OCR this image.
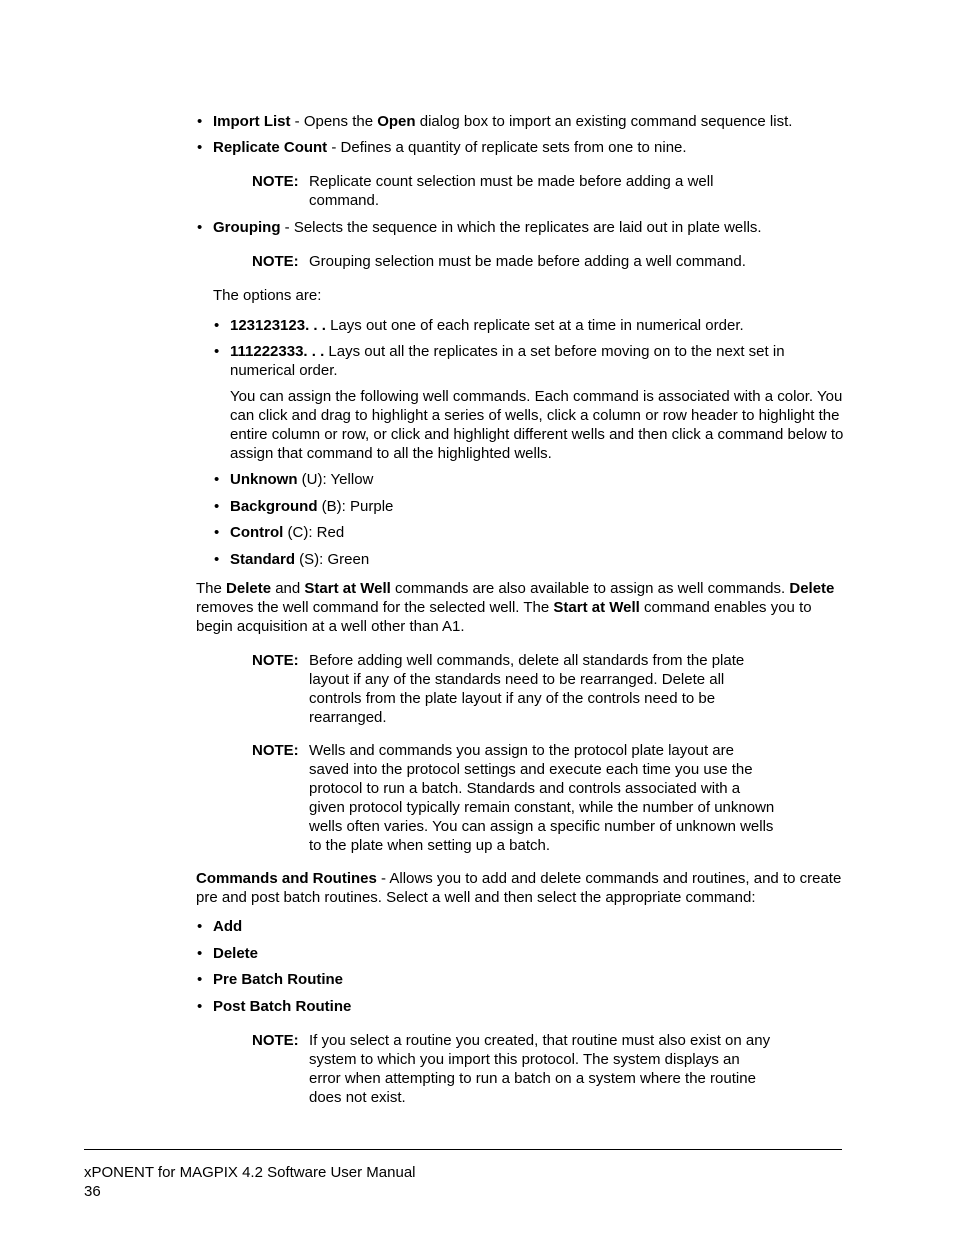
• Import List - Opens the Open dialog box to import an existing command sequence list.
• Replicate Count - Defines a quantity of replicate sets from one to nine.
NOTE: Replicate count selection must be made before adding a well command.
• Grouping - Selects the sequence in which the replicates are laid out in plate wells.
NOTE: Grouping selection must be made before adding a well command.
The options are:
• 123123123. . . Lays out one of each replicate set at a time in numerical order.
• 111222333. . . Lays out all the replicates in a set before moving on to the next set in numerical order.
You can assign the following well commands. Each command is associated with a color. You can click and drag to highlight a series of wells, click a column or row header to highlight the entire column or row, or click and highlight different wells and then click a command below to assign that command to all the highlighted wells.
• Unknown (U): Yellow
• Background (B): Purple
• Control (C): Red
• Standard (S): Green
The Delete and Start at Well commands are also available to assign as well commands. Delete removes the well command for the selected well. The Start at Well command enables you to begin acquisition at a well other than A1.
NOTE: Before adding well commands, delete all standards from the plate layout if any of the standards need to be rearranged. Delete all controls from the plate layout if any of the controls need to be rearranged.
NOTE: Wells and commands you assign to the protocol plate layout are saved into the protocol settings and execute each time you use the protocol to run a batch. Standards and controls associated with a given protocol typically remain constant, while the number of unknown wells often varies. You can assign a specific number of unknown wells to the plate when setting up a batch.
Commands and Routines - Allows you to add and delete commands and routines, and to create pre and post batch routines. Select a well and then select the appropriate command:
• Add
• Delete
• Pre Batch Routine
• Post Batch Routine
NOTE: If you select a routine you created, that routine must also exist on any system to which you import this protocol. The system displays an error when attempting to run a batch on a system where the routine does not exist.
xPONENT for MAGPIX 4.2 Software User Manual
36
